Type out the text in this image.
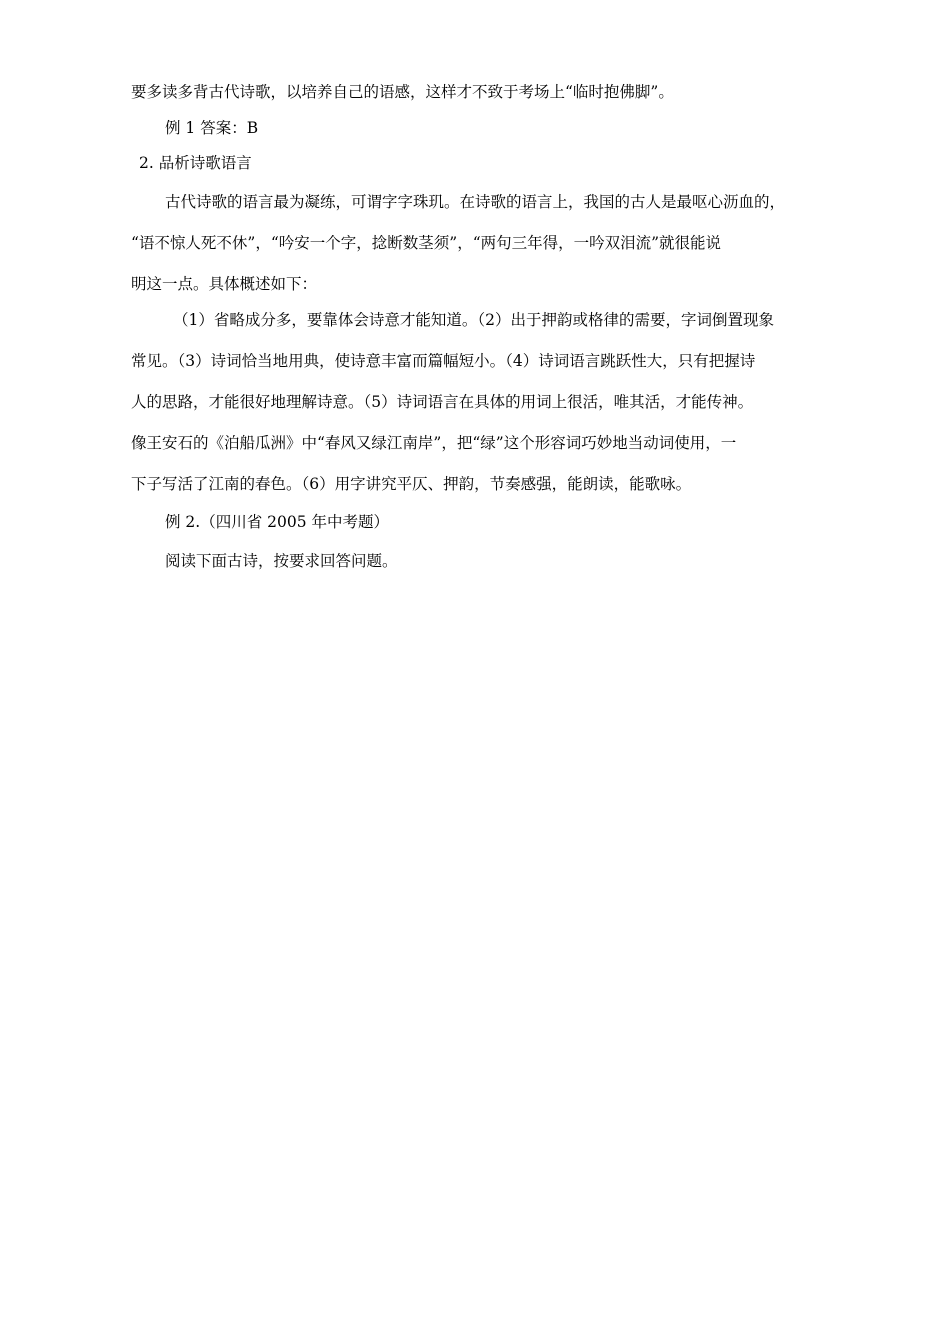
要多读多背古代诗歌，以培养自己的语感，这样才不致于考场上“临时抱佛脚”。

例 1 答案：B

2. 品析诗歌语言

古代诗歌的语言最为凝练，可谓字字珠玑。在诗歌的语言上，我国的古人是最呕心沥血的，
“语不惊人死不休”，“吟安一个字，捻断数茎须”，“两句三年得，一吟双泪流”就很能说
明这一点。具体概述如下：

（1）省略成分多，要靠体会诗意才能知道。（2）出于押韵或格律的需要，字词倒置现象
常见。（3）诗词恰当地用典，使诗意丰富而篇幅短小。（4）诗词语言跳跃性大，只有把握诗
人的思路，才能很好地理解诗意。（5）诗词语言在具体的用词上很活，唯其活，才能传神。
像王安石的《泊船瓜洲》中“春风又绿江南岸”，把“绿”这个形容词巧妙地当动词使用，一
下子写活了江南的春色。（6）用字讲究平仄、押韵，节奏感强，能朗读，能歌咏。

例 2.（四川省 2005 年中考题）

阅读下面古诗，按要求回答问题。
